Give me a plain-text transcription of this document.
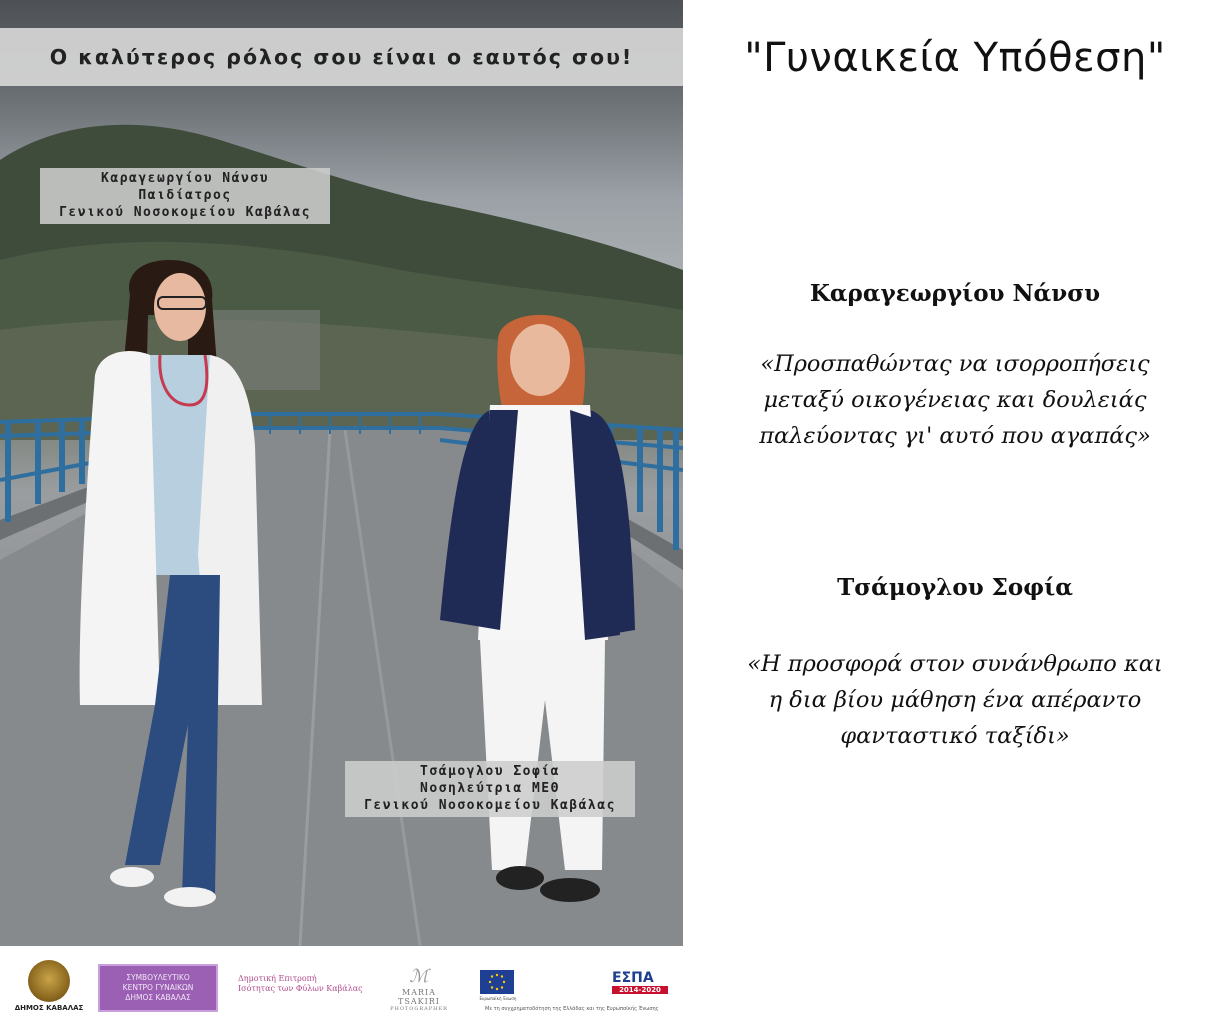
Ο καλύτερος ρόλος σου είναι ο εαυτός σου!
Καραγεωργίου Νάνσυ
Παιδίατρος
Γενικού Νοσοκομείου Καβάλας
Τσάμογλου Σοφία
Νοσηλεύτρια ΜΕΘ
Γενικού Νοσοκομείου Καβάλας
"Γυναικεία Υπόθεση"
Καραγεωργίου Νάνσυ
«Προσπαθώντας να ισορροπήσεις
μεταξύ οικογένειας και δουλειάς
παλεύοντας γι' αυτό που αγαπάς»
Τσάμογλου Σοφία
«Η προσφορά στον συνάνθρωπο και
η δια βίου μάθηση ένα απέραντο
φανταστικό ταξίδι»
ΔΗΜΟΣ ΚΑΒΑΛΑΣ
ΣΥΜΒΟΥΛΕΥΤΙΚΟ
ΚΕΝΤΡΟ ΓΥΝΑΙΚΩΝ
ΔΗΜΟΣ ΚΑΒΑΛΑΣ
Δημοτική Επιτροπή
Ισότητας των Φύλων Καβάλας
ℳ
MARIA TSAKIRI
PHOTOGRAPHER
Ευρωπαϊκή Ένωση
ΕΣΠΑ
2014-2020
Με τη συγχρηματοδότηση της Ελλάδας και της Ευρωπαϊκής Ένωσης
